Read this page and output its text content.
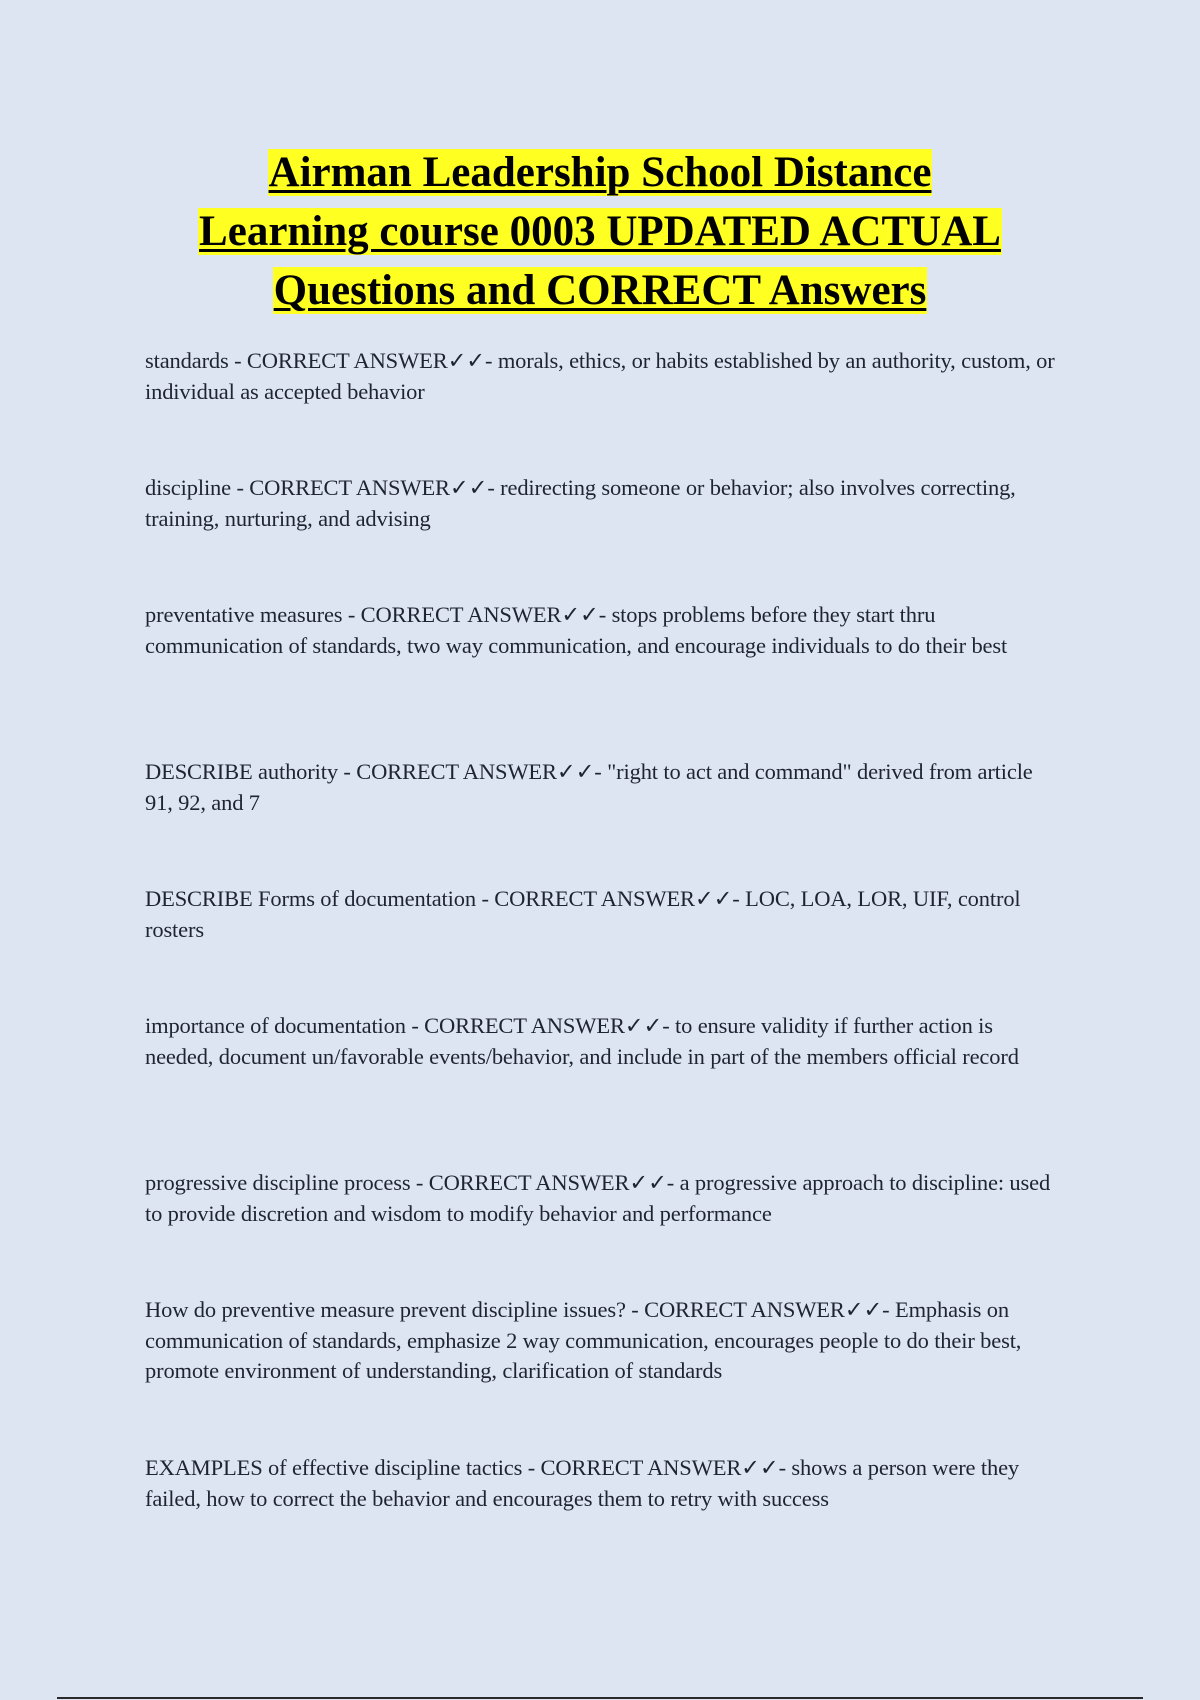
Airman Leadership School Distance
Learning course 0003 UPDATED ACTUAL
Questions and CORRECT Answers

standards - CORRECT ANSWER✓✓- morals, ethics, or habits established by an authority, custom, or individual as accepted behavior

discipline - CORRECT ANSWER✓✓- redirecting someone or behavior; also involves correcting, training, nurturing, and advising

preventative measures - CORRECT ANSWER✓✓- stops problems before they start thru communication of standards, two way communication, and encourage individuals to do their best

DESCRIBE authority - CORRECT ANSWER✓✓- "right to act and command" derived from article 91, 92, and 7

DESCRIBE Forms of documentation - CORRECT ANSWER✓✓- LOC, LOA, LOR, UIF, control rosters

importance of documentation - CORRECT ANSWER✓✓- to ensure validity if further action is needed, document un/favorable events/behavior, and include in part of the members official record

progressive discipline process - CORRECT ANSWER✓✓- a progressive approach to discipline: used to provide discretion and wisdom to modify behavior and performance

How do preventive measure prevent discipline issues? - CORRECT ANSWER✓✓- Emphasis on communication of standards, emphasize 2 way communication, encourages people to do their best, promote environment of understanding, clarification of standards

EXAMPLES of effective discipline tactics - CORRECT ANSWER✓✓- shows a person were they failed, how to correct the behavior and encourages them to retry with success
